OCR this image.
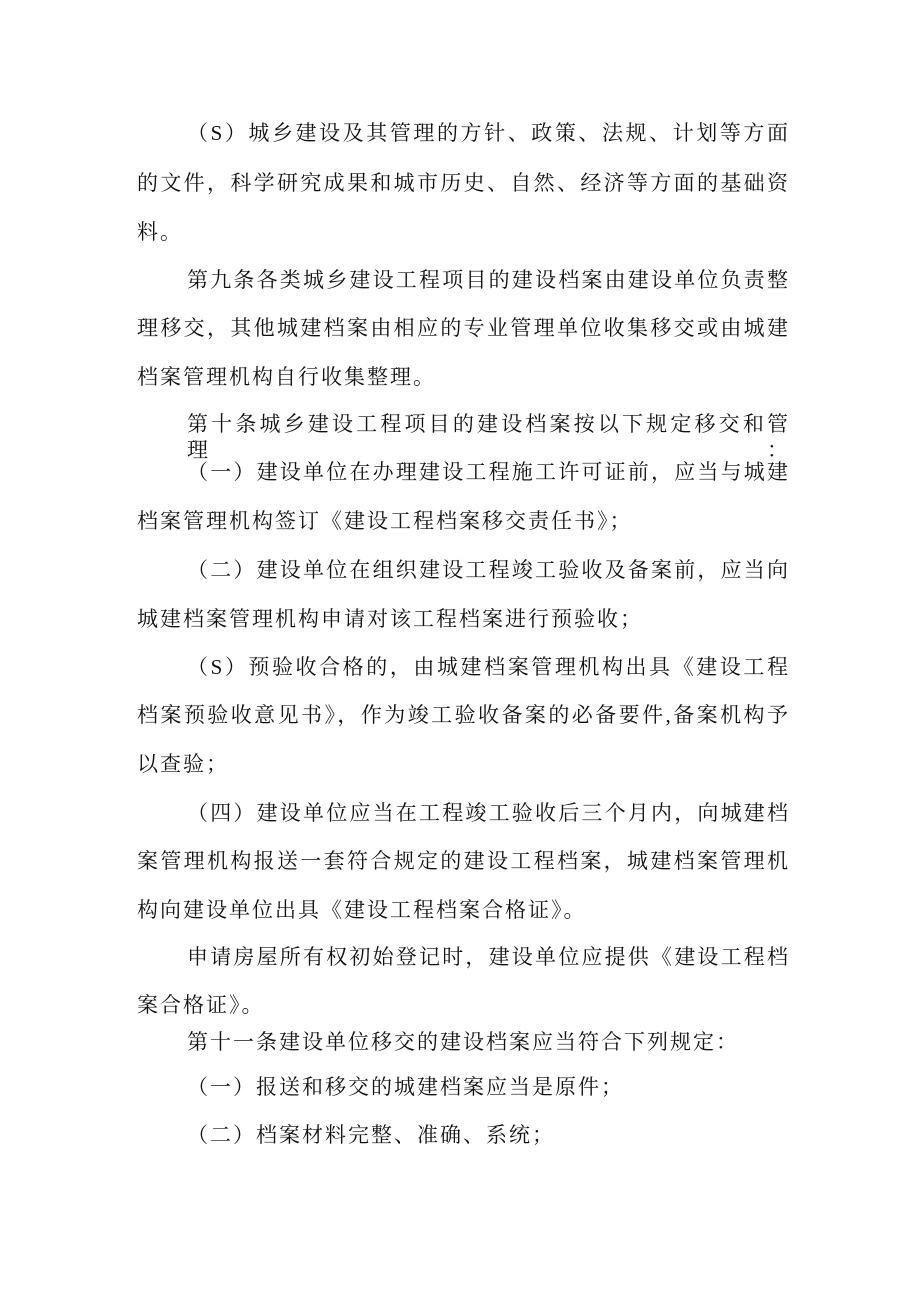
（S）城乡建设及其管理的方针、政策、法规、计划等方面
的文件，科学研究成果和城市历史、自然、经济等方面的基础资
料。
第九条各类城乡建设工程项目的建设档案由建设单位负责整
理移交，其他城建档案由相应的专业管理单位收集移交或由城建
档案管理机构自行收集整理。
第十条城乡建设工程项目的建设档案按以下规定移交和管理：
（一）建设单位在办理建设工程施工许可证前，应当与城建
档案管理机构签订《建设工程档案移交责任书》；
（二）建设单位在组织建设工程竣工验收及备案前，应当向
城建档案管理机构申请对该工程档案进行预验收；
（S）预验收合格的，由城建档案管理机构出具《建设工程
档案预验收意见书》，作为竣工验收备案的必备要件,备案机构予
以查验；
（四）建设单位应当在工程竣工验收后三个月内，向城建档
案管理机构报送一套符合规定的建设工程档案，城建档案管理机
构向建设单位出具《建设工程档案合格证》。
申请房屋所有权初始登记时，建设单位应提供《建设工程档
案合格证》。
第十一条建设单位移交的建设档案应当符合下列规定：
（一）报送和移交的城建档案应当是原件；
（二）档案材料完整、准确、系统；
